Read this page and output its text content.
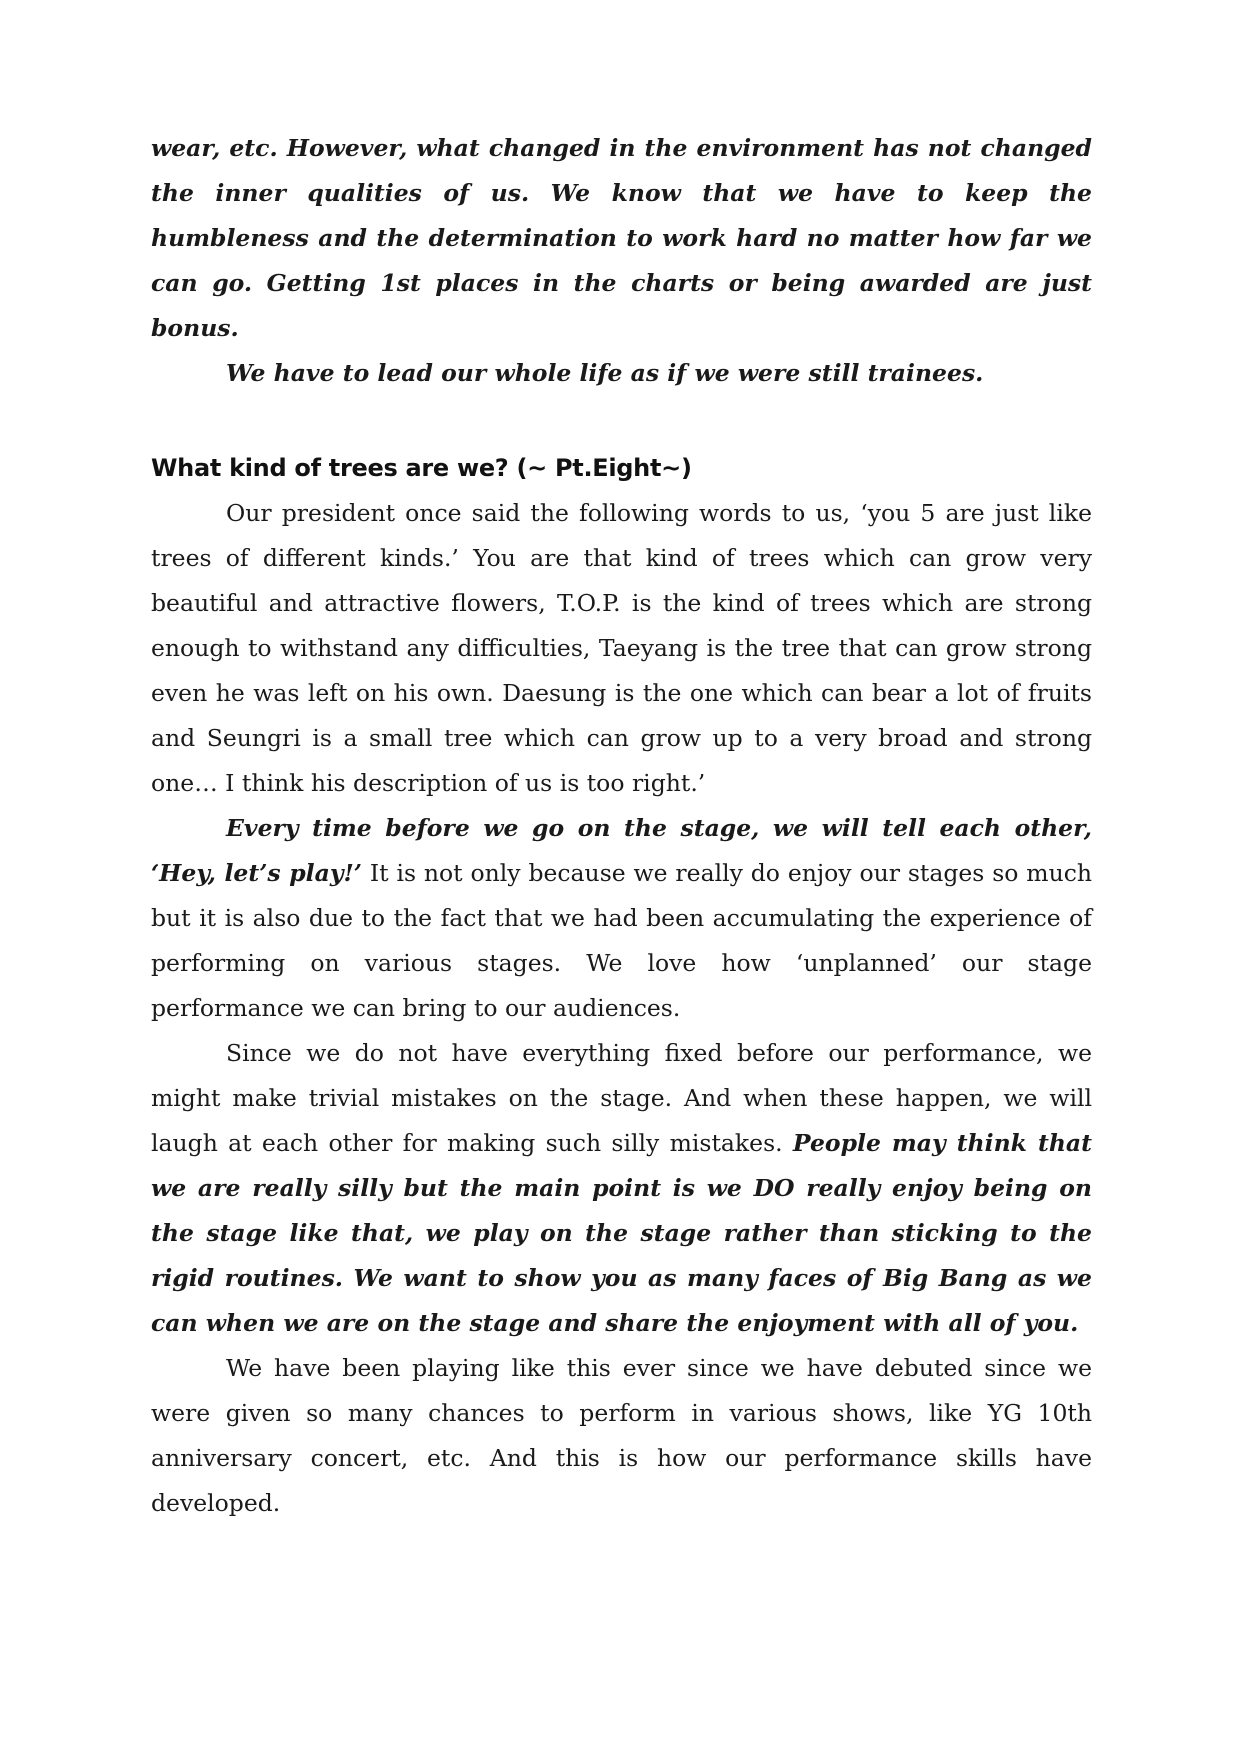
wear, etc. However, what changed in the environment has not changed the inner qualities of us. We know that we have to keep the humbleness and the determination to work hard no matter how far we can go. Getting 1st places in the charts or being awarded are just bonus.

We have to lead our whole life as if we were still trainees.

What kind of trees are we? (~ Pt.Eight~)

Our president once said the following words to us, ‘you 5 are just like trees of different kinds.’ You are that kind of trees which can grow very beautiful and attractive flowers, T.O.P. is the kind of trees which are strong enough to withstand any difficulties, Taeyang is the tree that can grow strong even he was left on his own. Daesung is the one which can bear a lot of fruits and Seungri is a small tree which can grow up to a very broad and strong one… I think his description of us is too right.’

Every time before we go on the stage, we will tell each other, ‘Hey, let’s play!’ It is not only because we really do enjoy our stages so much but it is also due to the fact that we had been accumulating the experience of performing on various stages. We love how ‘unplanned’ our stage performance we can bring to our audiences.

Since we do not have everything fixed before our performance, we might make trivial mistakes on the stage. And when these happen, we will laugh at each other for making such silly mistakes. People may think that we are really silly but the main point is we DO really enjoy being on the stage like that, we play on the stage rather than sticking to the rigid routines. We want to show you as many faces of Big Bang as we can when we are on the stage and share the enjoyment with all of you.

We have been playing like this ever since we have debuted since we were given so many chances to perform in various shows, like YG 10th anniversary concert, etc. And this is how our performance skills have developed.
